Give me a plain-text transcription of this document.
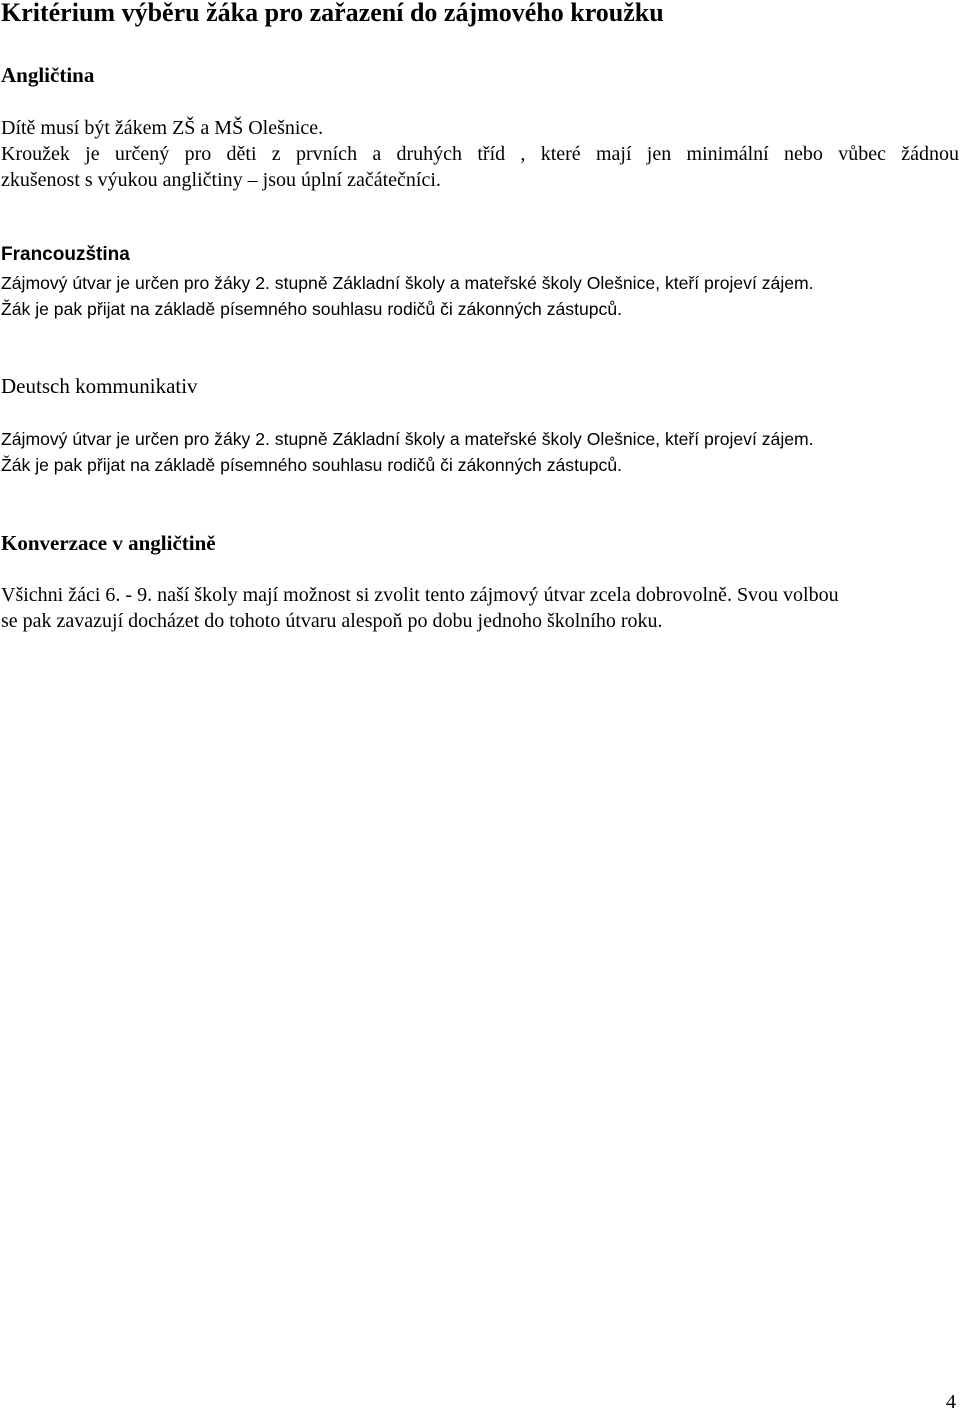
Kritérium výběru žáka pro zařazení do zájmového kroužku
Angličtina
Dítě musí být žákem ZŠ a MŠ Olešnice.
Kroužek je určený pro děti z prvních a druhých tříd , které mají jen minimální nebo vůbec žádnou
zkušenost s výukou angličtiny – jsou úplní začátečníci.
Francouzština
Zájmový útvar je určen pro žáky 2. stupně Základní školy a mateřské školy Olešnice, kteří projeví zájem.
Žák je pak přijat na základě písemného souhlasu rodičů či zákonných zástupců.
Deutsch kommunikativ
Zájmový útvar je určen pro žáky 2. stupně Základní školy a mateřské školy Olešnice, kteří projeví zájem.
Žák je pak přijat na základě písemného souhlasu rodičů či zákonných zástupců.
Konverzace v angličtině
Všichni žáci 6. - 9. naší školy mají možnost si zvolit tento zájmový útvar zcela dobrovolně. Svou volbou
se pak zavazují docházet do tohoto útvaru alespoň po dobu jednoho školního roku.
4
